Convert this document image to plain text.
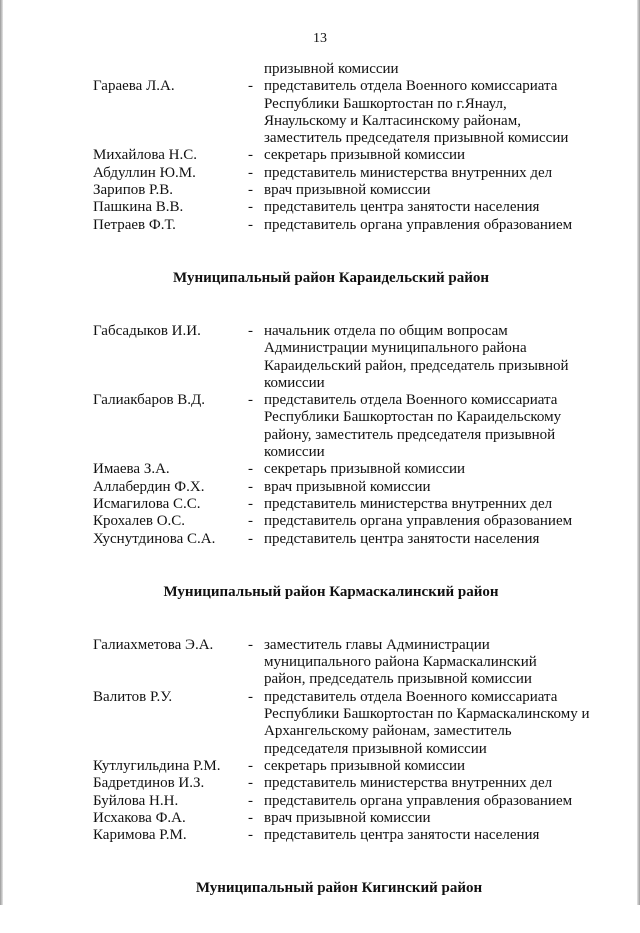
13
призывной комиссии
Гараева Л.А.	- представитель отдела Военного комиссариата
Республики Башкортостан по г.Янаул,
Янаульскому и Калтасинскому районам,
заместитель председателя призывной комиссии
Михайлова Н.С.	- секретарь призывной комиссии
Абдуллин Ю.М.	- представитель министерства внутренних дел
Зарипов Р.В.	- врач призывной комиссии
Пашкина В.В.	- представитель центра занятости населения
Петраев Ф.Т.	- представитель органа управления образованием
Муниципальный район Караидельский район
Габсадыков И.И.	- начальник отдела по общим вопросам
Администрации муниципального района
Караидельский район, председатель призывной
комиссии
Галиакбаров В.Д.	- представитель отдела Военного комиссариата
Республики Башкортостан по Караидельскому
району, заместитель председателя призывной
комиссии
Имаева З.А.	- секретарь призывной комиссии
Аллабердин Ф.Х.	- врач призывной комиссии
Исмагилова С.С.	- представитель министерства внутренних дел
Крохалев О.С.	- представитель органа управления образованием
Хуснутдинова С.А. - представитель центра занятости населения
Муниципальный район Кармаскалинский район
Галиахметова Э.А. - заместитель главы Администрации
муниципального района Кармаскалинский
район, председатель призывной комиссии
Валитов Р.У.	- представитель отдела Военного комиссариата
Республики Башкортостан по Кармаскалинскому и
Архангельскому районам, заместитель
председателя призывной комиссии
Кутлугильдина Р.М. - секретарь призывной комиссии
Бадретдинов И.З.	- представитель министерства внутренних дел
Буйлова Н.Н.	- представитель органа управления образованием
Исхакова Ф.А.	- врач призывной комиссии
Каримова Р.М.	- представитель центра занятости населения
Муниципальный район Кигинский район
